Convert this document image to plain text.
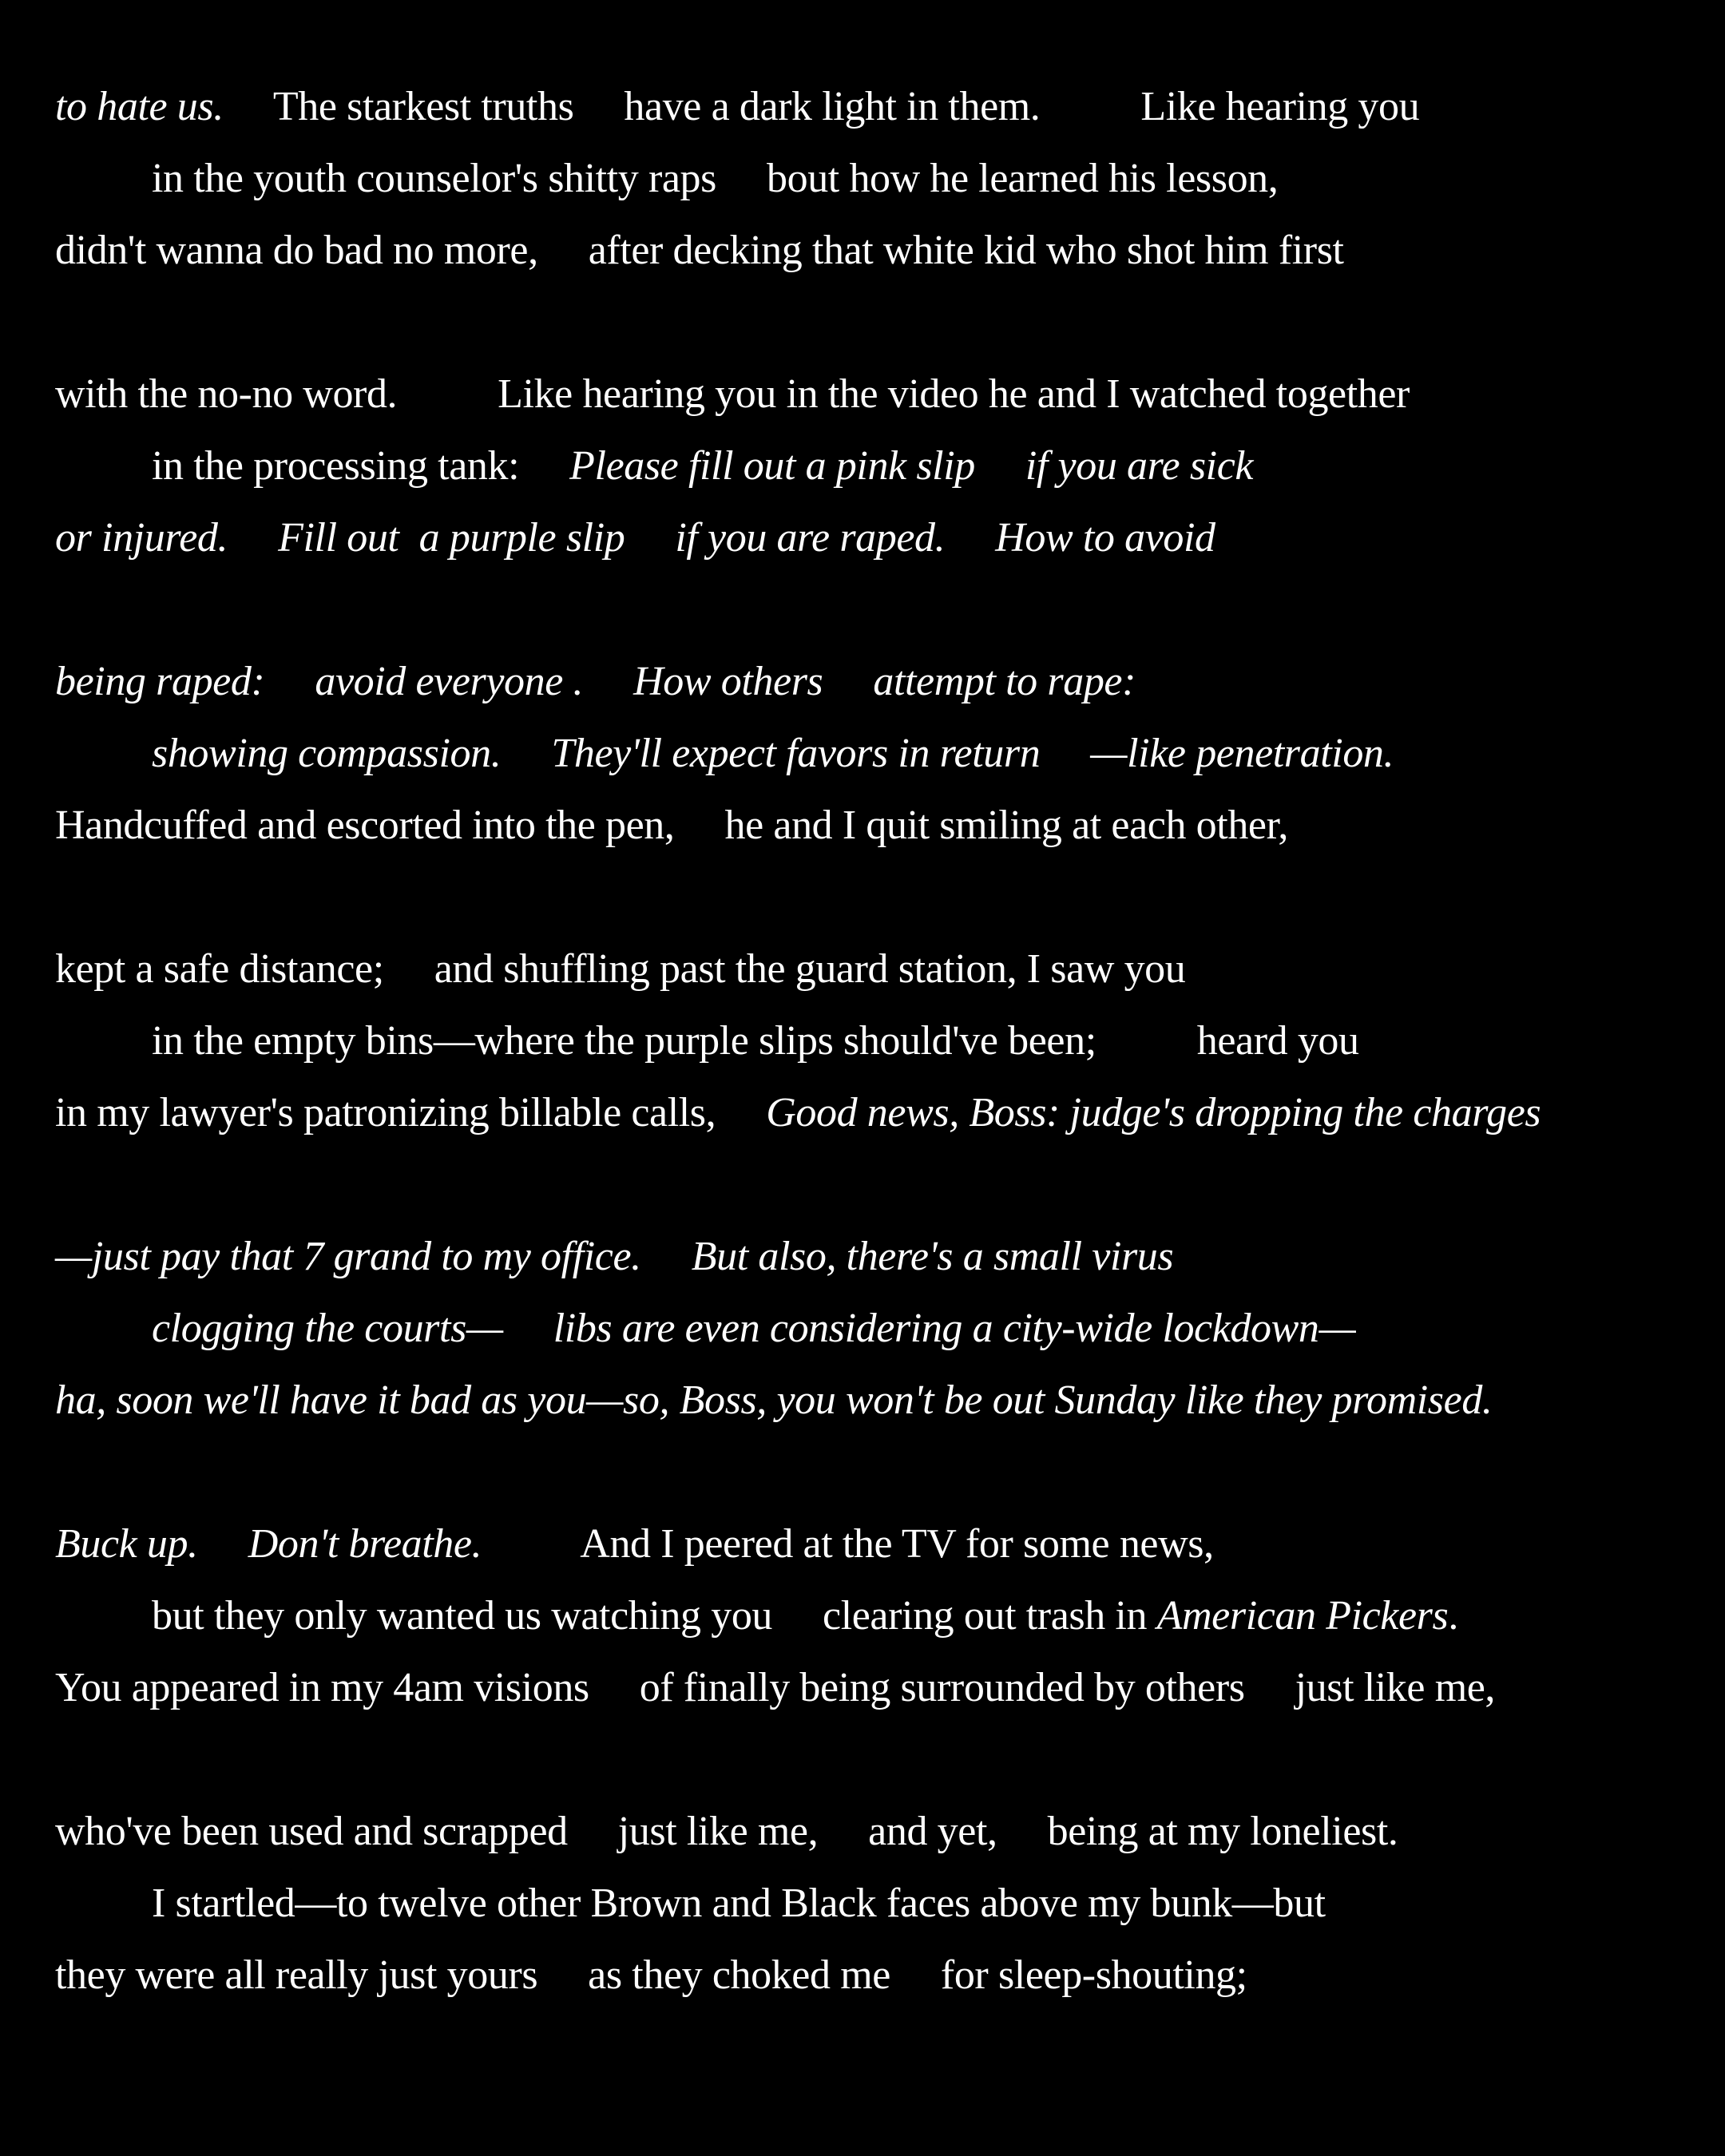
to hate us.     The starkest truths     have a dark light in them.          Like hearing you
in the youth counselor's shitty raps     bout how he learned his lesson,
didn't wanna do bad no more,     after decking that white kid who shot him first
with the no-no word.          Like hearing you in the video he and I watched together
in the processing tank:     Please fill out a pink slip     if you are sick
or injured.     Fill out  a purple slip     if you are raped.     How to avoid
being raped:     avoid everyone .     How others     attempt to rape:
showing compassion.     They'll expect favors in return     —like penetration.
Handcuffed and escorted into the pen,     he and I quit smiling at each other,
kept a safe distance;     and shuffling past the guard station, I saw you
in the empty bins—where the purple slips should've been;          heard you
in my lawyer's patronizing billable calls,     Good news, Boss: judge's dropping the charges
—just pay that 7 grand to my office.     But also, there's a small virus
clogging the courts—     libs are even considering a city-wide lockdown—
ha, soon we'll have it bad as you—so, Boss, you won't be out Sunday like they promised.
Buck up.     Don't breathe.          And I peered at the TV for some news,
but they only wanted us watching you     clearing out trash in American Pickers.
You appeared in my 4am visions     of finally being surrounded by others     just like me,
who've been used and scrapped     just like me,     and yet,     being at my loneliest.
I startled—to twelve other Brown and Black faces above my bunk—but
they were all really just yours     as they choked me     for sleep-shouting;
